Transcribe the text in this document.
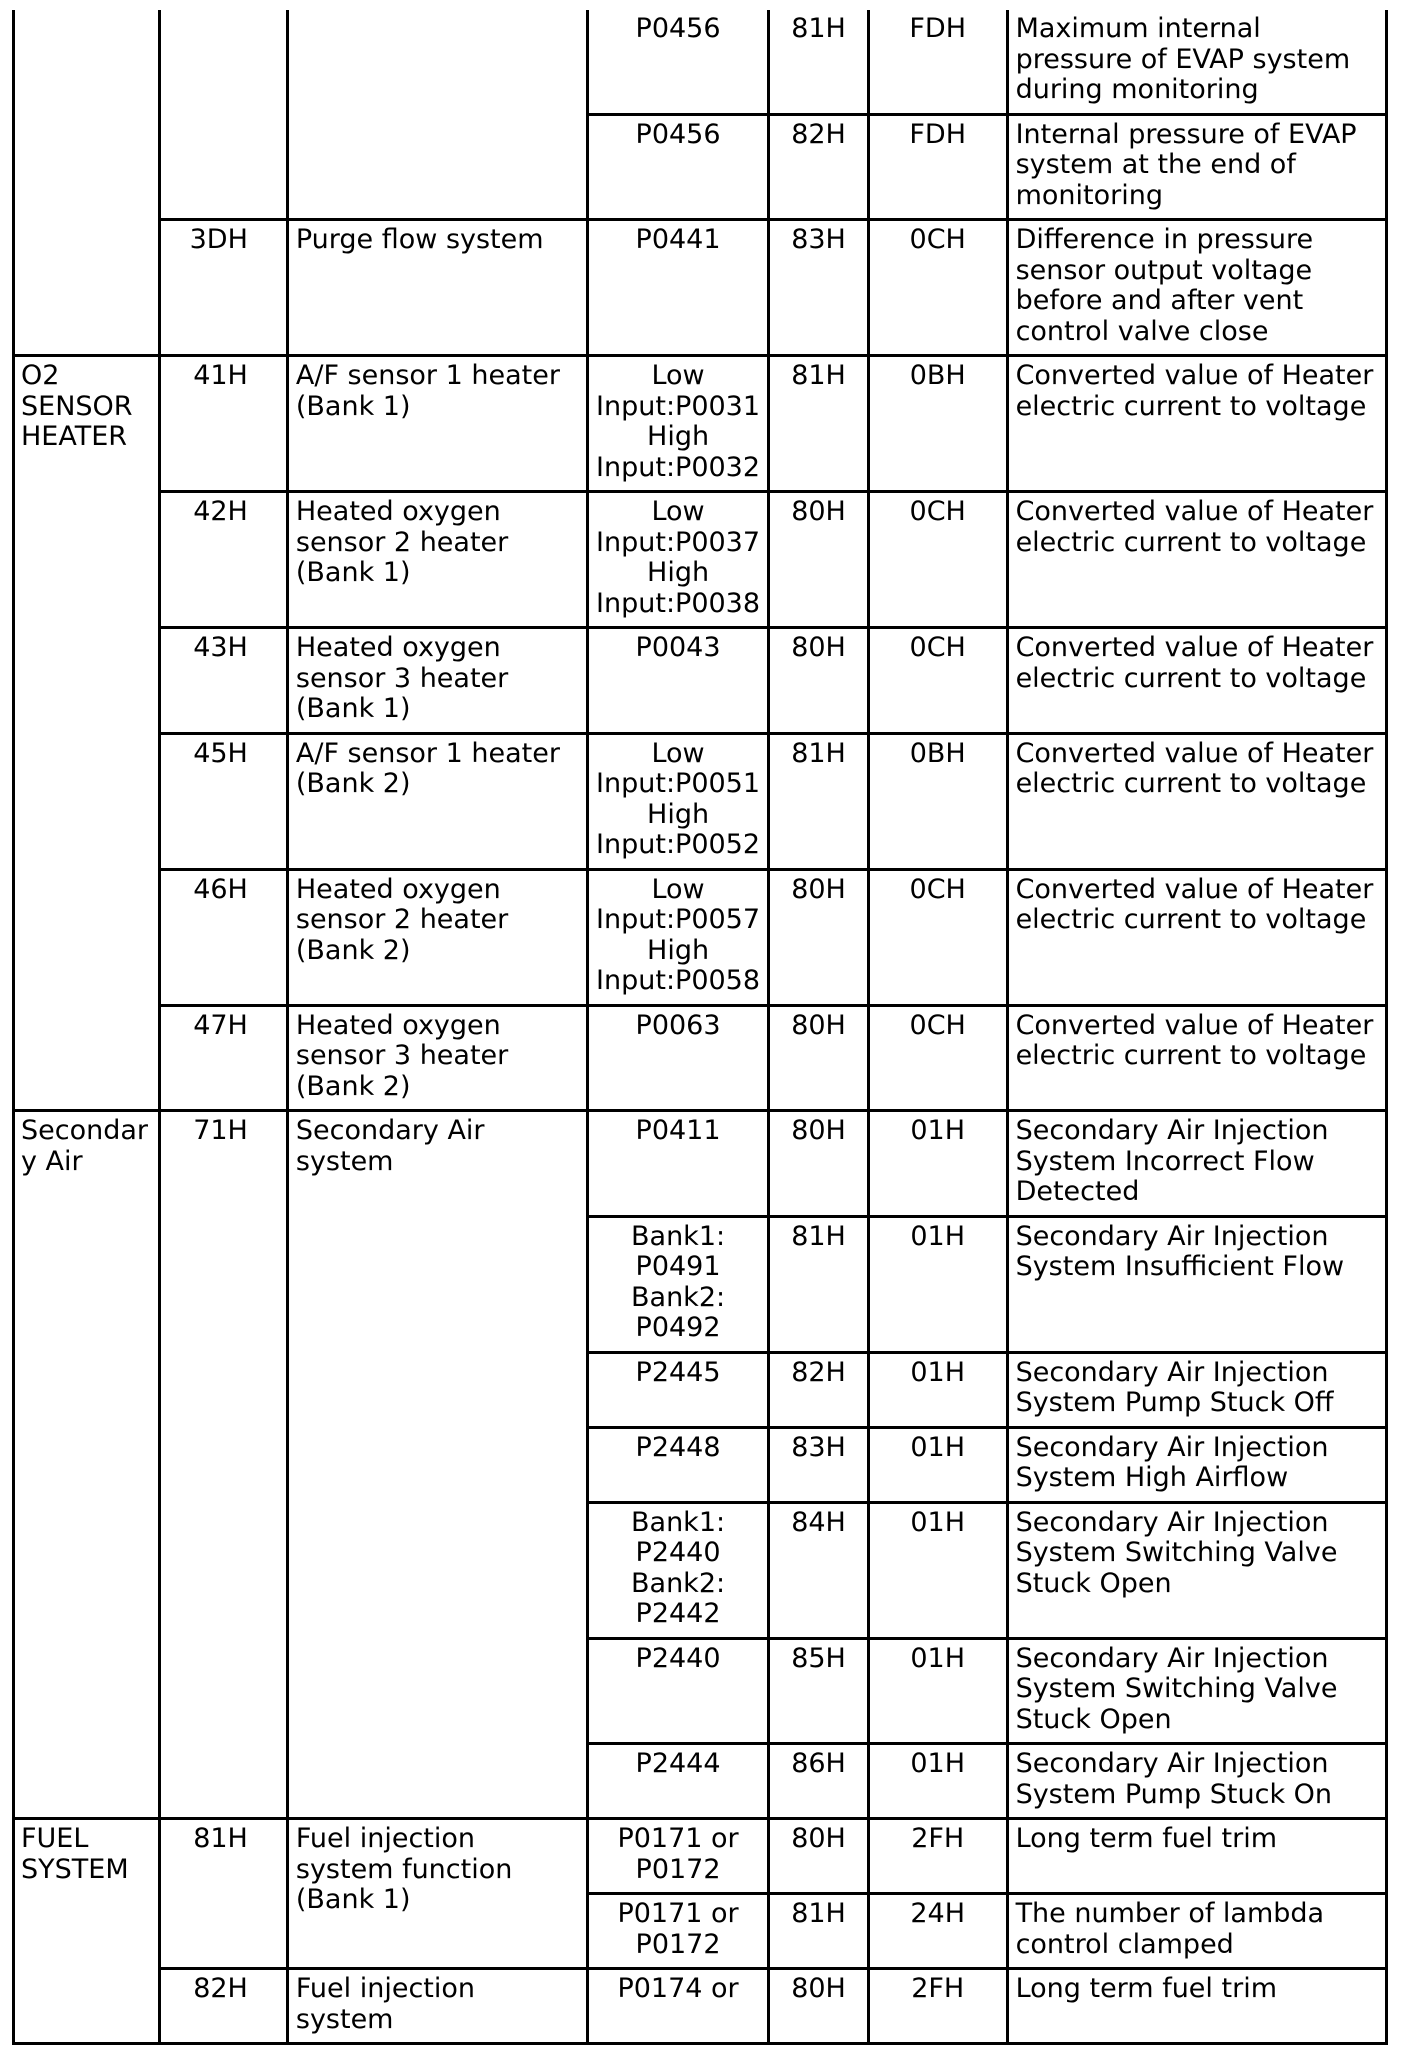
			P0456	81H	FDH	Maximum internal pressure of EVAP system during monitoring
			P0456	82H	FDH	Internal pressure of EVAP system at the end of monitoring
	3DH	Purge flow system	P0441	83H	0CH	Difference in pressure sensor output voltage before and after vent control valve close
O2 SENSOR HEATER	41H	A/F sensor 1 heater (Bank 1)	Low Input:P0031 High Input:P0032	81H	0BH	Converted value of Heater electric current to voltage
	42H	Heated oxygen sensor 2 heater (Bank 1)	Low Input:P0037 High Input:P0038	80H	0CH	Converted value of Heater electric current to voltage
	43H	Heated oxygen sensor 3 heater (Bank 1)	P0043	80H	0CH	Converted value of Heater electric current to voltage
	45H	A/F sensor 1 heater (Bank 2)	Low Input:P0051 High Input:P0052	81H	0BH	Converted value of Heater electric current to voltage
	46H	Heated oxygen sensor 2 heater (Bank 2)	Low Input:P0057 High Input:P0058	80H	0CH	Converted value of Heater electric current to voltage
	47H	Heated oxygen sensor 3 heater (Bank 2)	P0063	80H	0CH	Converted value of Heater electric current to voltage
Secondary Air	71H	Secondary Air system	P0411	80H	01H	Secondary Air Injection System Incorrect Flow Detected
			Bank1: P0491 Bank2: P0492	81H	01H	Secondary Air Injection System Insufficient Flow
			P2445	82H	01H	Secondary Air Injection System Pump Stuck Off
			P2448	83H	01H	Secondary Air Injection System High Airflow
			Bank1: P2440 Bank2: P2442	84H	01H	Secondary Air Injection System Switching Valve Stuck Open
			P2440	85H	01H	Secondary Air Injection System Switching Valve Stuck Open
			P2444	86H	01H	Secondary Air Injection System Pump Stuck On
FUEL SYSTEM	81H	Fuel injection system function (Bank 1)	P0171 or P0172	80H	2FH	Long term fuel trim
			P0171 or P0172	81H	24H	The number of lambda control clamped
	82H	Fuel injection system	P0174 or	80H	2FH	Long term fuel trim
